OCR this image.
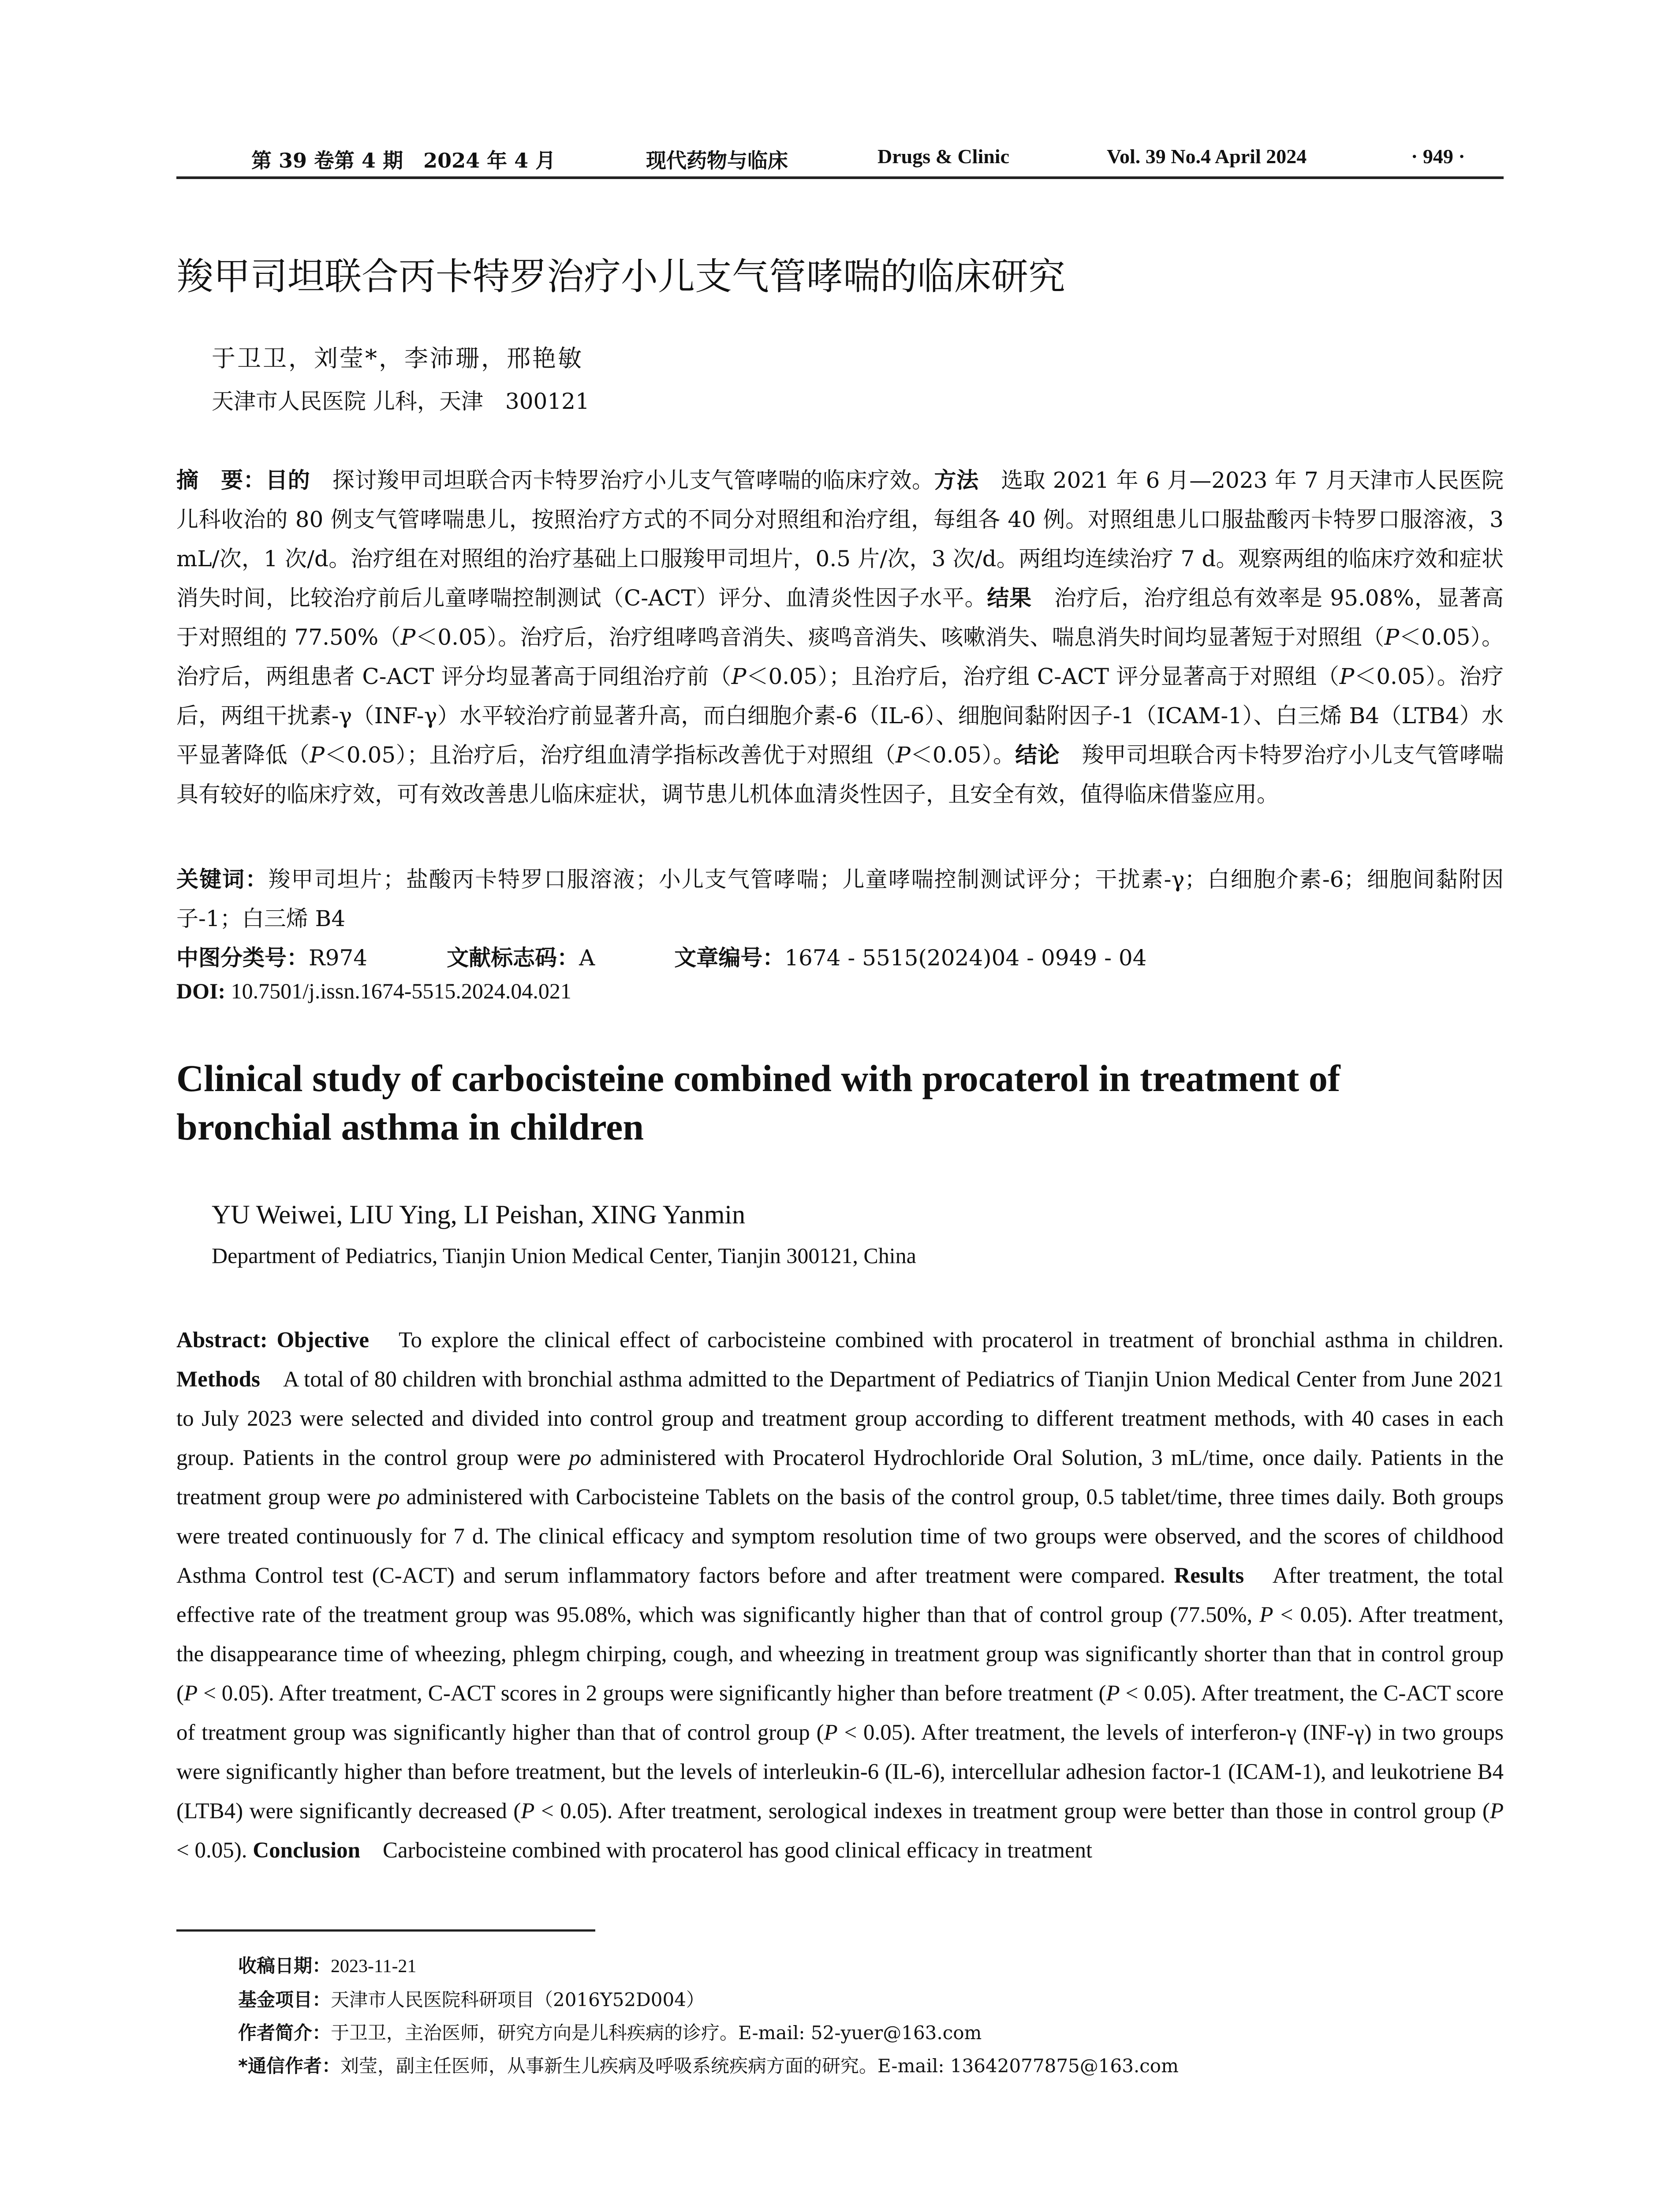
第 39 卷第 4 期　2024 年 4 月	现代药物与临床	Drugs & Clinic	Vol. 39 No.4 April 2024	· 949 ·
羧甲司坦联合丙卡特罗治疗小儿支气管哮喘的临床研究
于卫卫，刘莹*，李沛珊，邢艳敏
天津市人民医院 儿科，天津　300121
摘　要：目的　探讨羧甲司坦联合丙卡特罗治疗小儿支气管哮喘的临床疗效。方法　选取 2021 年 6 月—2023 年 7 月天津市人民医院儿科收治的 80 例支气管哮喘患儿，按照治疗方式的不同分对照组和治疗组，每组各 40 例。对照组患儿口服盐酸丙卡特罗口服溶液，3 mL/次，1 次/d。治疗组在对照组的治疗基础上口服羧甲司坦片，0.5 片/次，3 次/d。两组均连续治疗 7 d。观察两组的临床疗效和症状消失时间，比较治疗前后儿童哮喘控制测试（C-ACT）评分、血清炎性因子水平。结果　治疗后，治疗组总有效率是 95.08%，显著高于对照组的 77.50%（P＜0.05）。治疗后，治疗组哮鸣音消失、痰鸣音消失、咳嗽消失、喘息消失时间均显著短于对照组（P＜0.05）。治疗后，两组患者 C-ACT 评分均显著高于同组治疗前（P＜0.05）；且治疗后，治疗组 C-ACT 评分显著高于对照组（P＜0.05）。治疗后，两组干扰素-γ（INF-γ）水平较治疗前显著升高，而白细胞介素-6（IL-6）、细胞间黏附因子-1（ICAM-1）、白三烯 B4（LTB4）水平显著降低（P＜0.05）；且治疗后，治疗组血清学指标改善优于对照组（P＜0.05）。结论　羧甲司坦联合丙卡特罗治疗小儿支气管哮喘具有较好的临床疗效，可有效改善患儿临床症状，调节患儿机体血清炎性因子，且安全有效，值得临床借鉴应用。
关键词：羧甲司坦片；盐酸丙卡特罗口服溶液；小儿支气管哮喘；儿童哮喘控制测试评分；干扰素-γ；白细胞介素-6；细胞间黏附因子-1；白三烯 B4
中图分类号：R974	文献标志码：A	文章编号：1674 - 5515(2024)04 - 0949 - 04
DOI: 10.7501/j.issn.1674-5515.2024.04.021
Clinical study of carbocisteine combined with procaterol in treatment of bronchial asthma in children
YU Weiwei, LIU Ying, LI Peishan, XING Yanmin
Department of Pediatrics, Tianjin Union Medical Center, Tianjin 300121, China
Abstract: Objective　To explore the clinical effect of carbocisteine combined with procaterol in treatment of bronchial asthma in children. Methods　A total of 80 children with bronchial asthma admitted to the Department of Pediatrics of Tianjin Union Medical Center from June 2021 to July 2023 were selected and divided into control group and treatment group according to different treatment methods, with 40 cases in each group. Patients in the control group were po administered with Procaterol Hydrochloride Oral Solution, 3 mL/time, once daily. Patients in the treatment group were po administered with Carbocisteine Tablets on the basis of the control group, 0.5 tablet/time, three times daily. Both groups were treated continuously for 7 d. The clinical efficacy and symptom resolution time of two groups were observed, and the scores of childhood Asthma Control test (C-ACT) and serum inflammatory factors before and after treatment were compared. Results　After treatment, the total effective rate of the treatment group was 95.08%, which was significantly higher than that of control group (77.50%, P < 0.05). After treatment, the disappearance time of wheezing, phlegm chirping, cough, and wheezing in treatment group was significantly shorter than that in control group (P < 0.05). After treatment, C-ACT scores in 2 groups were significantly higher than before treatment (P < 0.05). After treatment, the C-ACT score of treatment group was significantly higher than that of control group (P < 0.05). After treatment, the levels of interferon-γ (INF-γ) in two groups were significantly higher than before treatment, but the levels of interleukin-6 (IL-6), intercellular adhesion factor-1 (ICAM-1), and leukotriene B4 (LTB4) were significantly decreased (P < 0.05). After treatment, serological indexes in treatment group were better than those in control group (P < 0.05). Conclusion　Carbocisteine combined with procaterol has good clinical efficacy in treatment
收稿日期：2023-11-21
基金项目：天津市人民医院科研项目（2016Y52D004）
作者简介：于卫卫，主治医师，研究方向是儿科疾病的诊疗。E-mail: 52-yuer@163.com
*通信作者：刘莹，副主任医师，从事新生儿疾病及呼吸系统疾病方面的研究。E-mail: 13642077875@163.com
